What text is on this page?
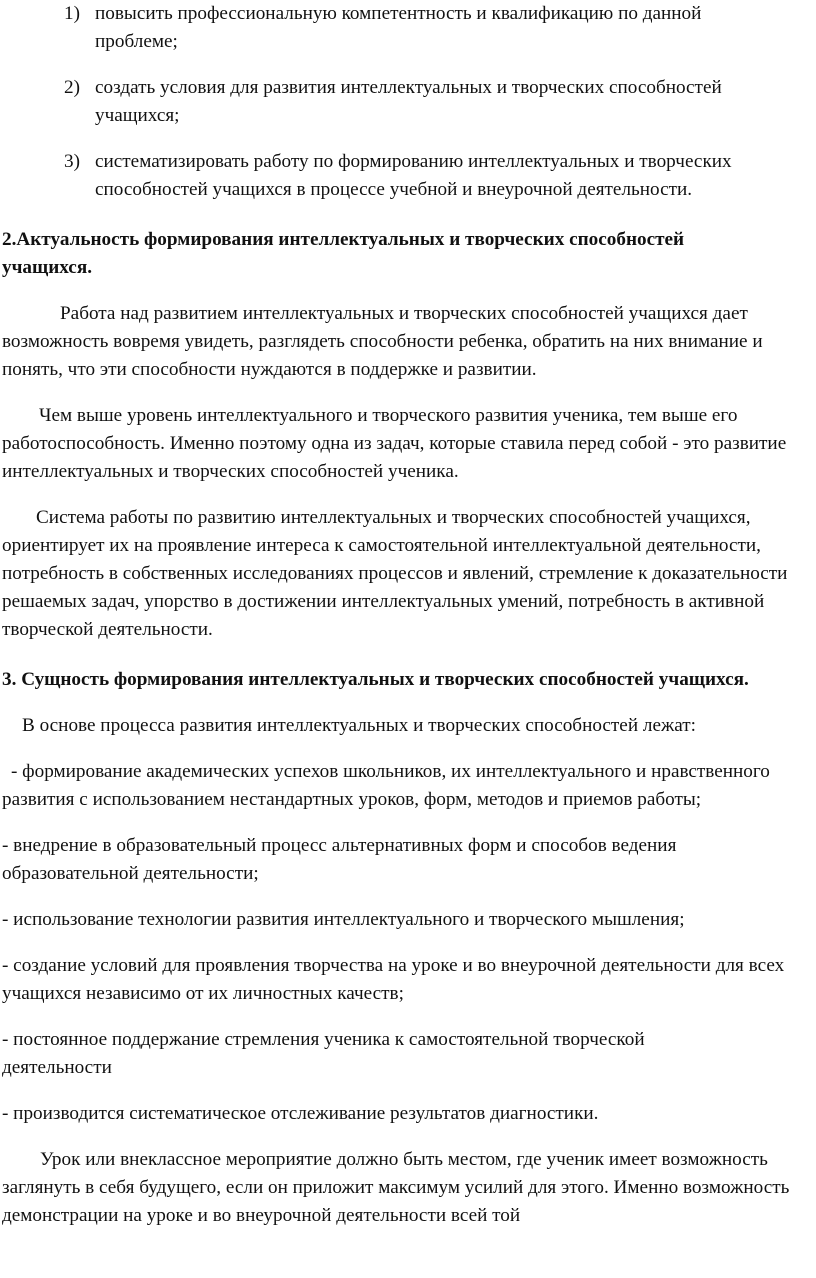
1) повысить профессиональную компетентность и квалификацию по данной проблеме;
2) создать условия для развития интеллектуальных и творческих способностей учащихся;
3) систематизировать работу по формированию интеллектуальных и творческих способностей учащихся в процессе учебной и внеурочной деятельности.
2.Актуальность формирования интеллектуальных и творческих способностей учащихся.

Работа над развитием интеллектуальных и творческих способностей учащихся дает возможность вовремя увидеть, разглядеть способности ребенка, обратить на них внимание и понять, что эти способности нуждаются в поддержке и развитии.

Чем выше уровень интеллектуального и творческого развития ученика, тем выше его работоспособность. Именно поэтому одна из задач, которые ставила перед собой - это развитие интеллектуальных и творческих способностей ученика.

Система работы по развитию интеллектуальных и творческих способностей учащихся, ориентирует их на проявление интереса к самостоятельной интеллектуальной деятельности, потребность в собственных исследованиях процессов и явлений, стремление к доказательности решаемых задач, упорство в достижении интеллектуальных умений, потребность в активной творческой деятельности.

3. Сущность формирования интеллектуальных и творческих способностей учащихся.

В основе процесса развития интеллектуальных и творческих способностей лежат:

- формирование академических успехов школьников, их интеллектуального и нравственного развития с использованием нестандартных уроков, форм, методов и приемов работы;

- внедрение в образовательный процесс альтернативных форм и способов ведения образовательной деятельности;

- использование технологии развития интеллектуального и творческого мышления;

- создание условий для проявления творчества на уроке и во внеурочной деятельности для всех учащихся независимо от их личностных качеств;

- постоянное поддержание стремления ученика к самостоятельной творческой деятельности

- производится систематическое отслеживание результатов диагностики.

Урок или внеклассное мероприятие должно быть местом, где ученик имеет возможность заглянуть в себя будущего, если он приложит максимум усилий для этого. Именно возможность демонстрации на уроке и во внеурочной деятельности всей той
